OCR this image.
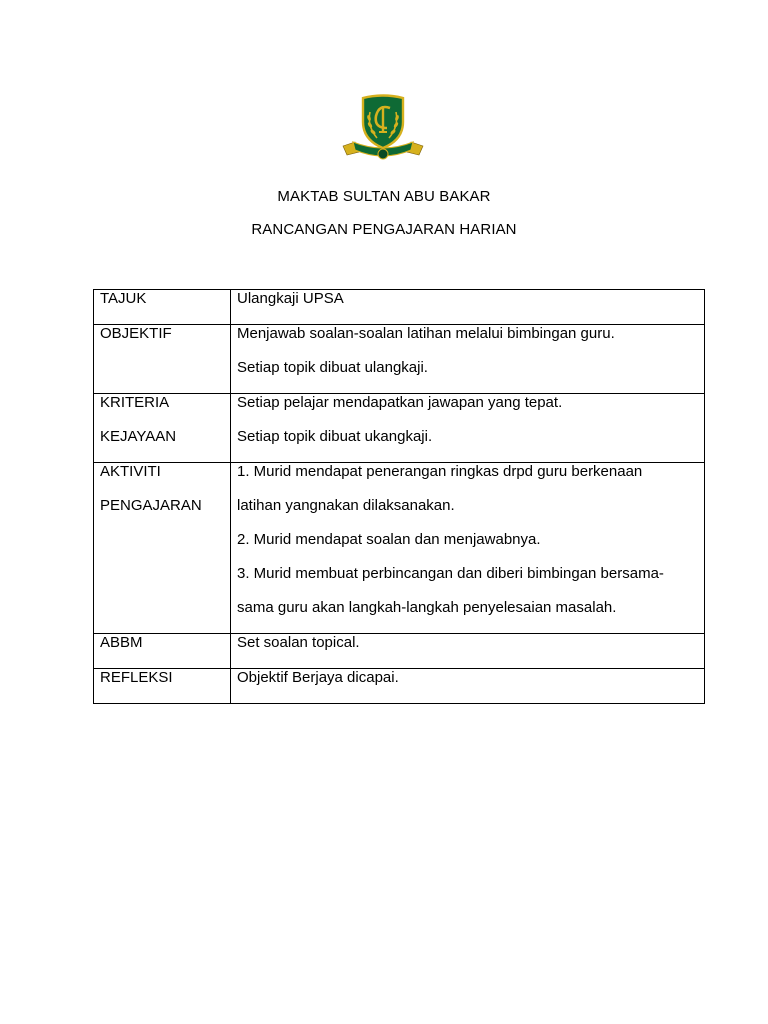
MAKTAB SULTAN ABU BAKAR
RANCANGAN PENGAJARAN HARIAN
TAJUK	Ulangkaji UPSA

OBJEKTIF	Menjawab soalan-soalan latihan melalui bimbingan guru.
Setiap topik dibuat ulangkaji.

KRITERIA
KEJAYAAN	Setiap pelajar mendapatkan jawapan yang tepat.
Setiap topik dibuat ukangkaji.

AKTIVITI
PENGAJARAN	1. Murid mendapat penerangan ringkas drpd guru berkenaan
latihan yangnakan dilaksanakan.
2. Murid mendapat soalan dan menjawabnya.
3. Murid membuat perbincangan dan diberi bimbingan bersama-
sama guru akan langkah-langkah penyelesaian masalah.

ABBM	Set soalan topical.

REFLEKSI	Objektif Berjaya dicapai.
